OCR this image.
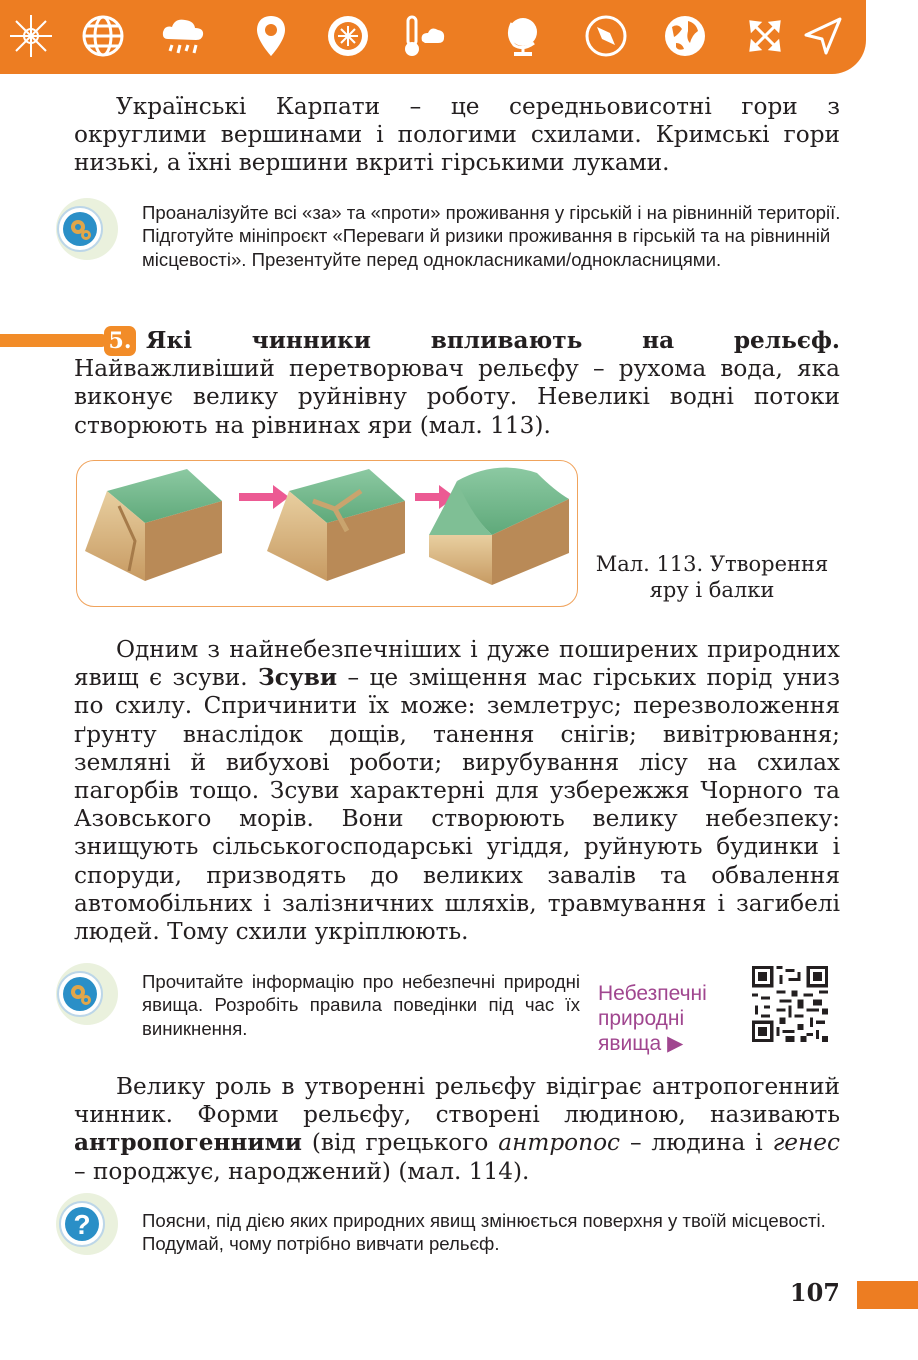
Українські Карпати – це середньовисотні гори з округлими вершинами і пологими схилами. Кримські гори низькі, а їхні вершини вкриті гірськими луками.
Проаналізуйте всі «за» та «проти» проживання у гірській і на рівнинній території. Підготуйте мініпроєкт «Переваги й ризики проживання в гірській та на рівнинній місцевості». Презентуйте перед однокласниками/однокласницями.
5. Які чинники впливають на рельєф. Найважливіший перетворювач рельєфу – рухома вода, яка виконує велику руйнівну роботу. Невеликі водні потоки створюють на рівнинах яри (мал. 113).
Мал. 113. Утворення
яру і балки
Одним з найнебезпечніших і дуже поширених природних явищ є зсуви. Зсуви – це зміщення мас гірських порід униз по схилу. Спричинити їх може: землетрус; перезволоження ґрунту внаслідок дощів, танення снігів; вивітрювання; земляні й вибухові роботи; вирубування лісу на схилах пагорбів тощо. Зсуви характерні для узбережжя Чорного та Азовського морів. Вони створюють велику небезпеку: знищують сільськогосподарські угіддя, руйнують будинки і споруди, призводять до великих завалів та обвалення автомобільних і залізничних шляхів, травмування і загибелі людей. Тому схили укріплюють.
Прочитайте інформацію про небезпечні природні явища. Розробіть правила поведінки під час їх виникнення.
Небезпечні
природні
явища ▶
Велику роль в утворенні рельєфу відіграє антропогенний чинник. Форми рельєфу, створені людиною, називають антропогенними (від грецького антропос – людина і генес – породжує, народжений) (мал. 114).
?	Поясни, під дією яких природних явищ змінюється поверхня у твоїй місцевості. Подумай, чому потрібно вивчати рельєф.
107
